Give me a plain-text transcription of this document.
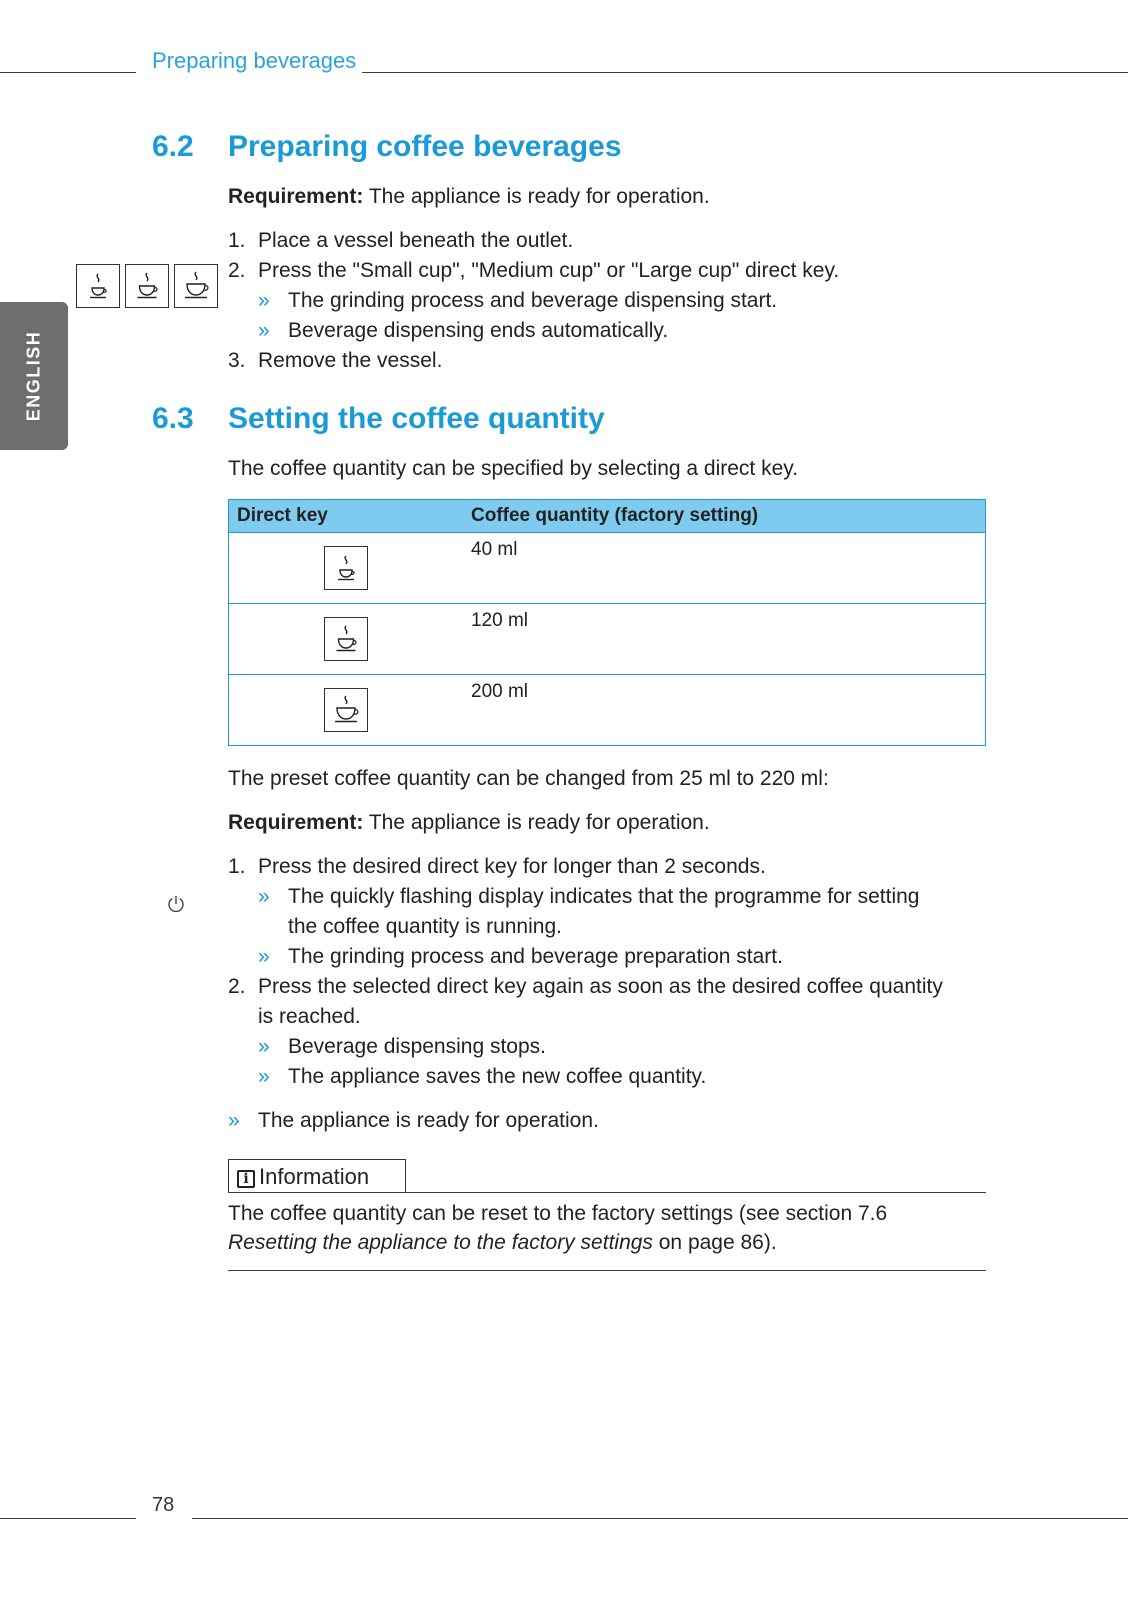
Preparing beverages
ENGLISH
6.2 Preparing coffee beverages
Requirement: The appliance is ready for operation.
1. Place a vessel beneath the outlet.
2. Press the "Small cup", "Medium cup" or "Large cup" direct key.
» The grinding process and beverage dispensing start.
» Beverage dispensing ends automatically.
3. Remove the vessel.
6.3 Setting the coffee quantity
The coffee quantity can be specified by selecting a direct key.
Direct key	Coffee quantity (factory setting)

	40 ml

	120 ml

	200 ml
The preset coffee quantity can be changed from 25 ml to 220 ml:
Requirement: The appliance is ready for operation.
1. Press the desired direct key for longer than 2 seconds.
» The quickly flashing display indicates that the programme for setting
the coffee quantity is running.
» The grinding process and beverage preparation start.
2. Press the selected direct key again as soon as the desired coffee quantity
is reached.
» Beverage dispensing stops.
» The appliance saves the new coffee quantity.
» The appliance is ready for operation.
i Information
The coffee quantity can be reset to the factory settings (see section 7.6
Resetting the appliance to the factory settings on page 86).
78
